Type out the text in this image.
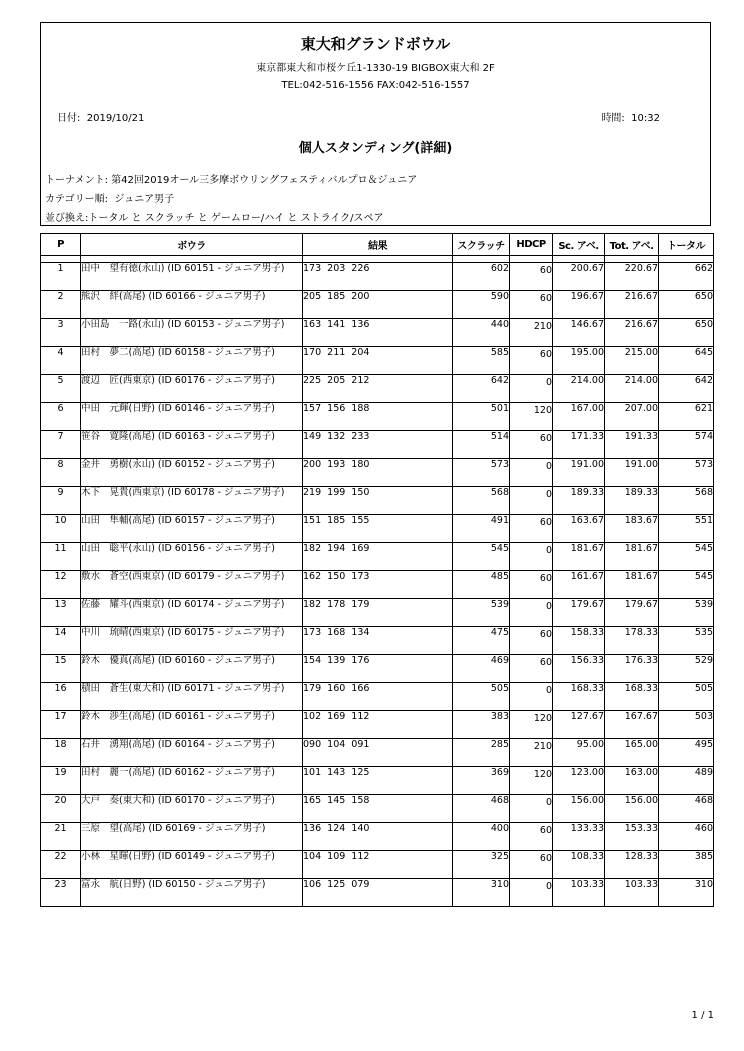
東大和グランドボウル
東京都東大和市桜ケ丘1-1330-19 BIGBOX東大和 2F
TEL:042-516-1556 FAX:042-516-1557
日付: 2019/10/21	時間: 10:32
個人スタンディング(詳細)
トーナメント: 第42回2019オール三多摩ボウリングフェスティバルプロ＆ジュニア
カテゴリー順: ジュニア男子
並び換え:トータル と スクラッチ と ゲームロー/ハイ と ストライク/スペア
P	ボウラ	結果	スクラッチ	HDCP	Sc. アベ.	Tot. アベ.	トータル

1	田中　望有徳(永山) (ID 60151 - ジュニア男子)	173 203 226	602	60	200.67	220.67	662
2	熊沢　絆(高尾) (ID 60166 - ジュニア男子)	205 185 200	590	60	196.67	216.67	650
3	小田島　一路(永山) (ID 60153 - ジュニア男子)	163 141 136	440	210	146.67	216.67	650
4	田村　夢二(高尾) (ID 60158 - ジュニア男子)	170 211 204	585	60	195.00	215.00	645
5	渡辺　匠(西東京) (ID 60176 - ジュニア男子)	225 205 212	642	0	214.00	214.00	642
6	中田　元輝(日野) (ID 60146 - ジュニア男子)	157 156 188	501	120	167.00	207.00	621
7	笹谷　寛隆(高尾) (ID 60163 - ジュニア男子)	149 132 233	514	60	171.33	191.33	574
8	金井　勇樹(永山) (ID 60152 - ジュニア男子)	200 193 180	573	0	191.00	191.00	573
9	木下　晃貴(西東京) (ID 60178 - ジュニア男子)	219 199 150	568	0	189.33	189.33	568
10	山田　隼輔(高尾) (ID 60157 - ジュニア男子)	151 185 155	491	60	163.67	183.67	551
11	山田　聡平(永山) (ID 60156 - ジュニア男子)	182 194 169	545	0	181.67	181.67	545
12	敷水　蒼空(西東京) (ID 60179 - ジュニア男子)	162 150 173	485	60	161.67	181.67	545
13	佐藤　耀斗(西東京) (ID 60174 - ジュニア男子)	182 178 179	539	0	179.67	179.67	539
14	中川　琉晴(西東京) (ID 60175 - ジュニア男子)	173 168 134	475	60	158.33	178.33	535
15	鈴木　優真(高尾) (ID 60160 - ジュニア男子)	154 139 176	469	60	156.33	176.33	529
16	積田　蒼生(東大和) (ID 60171 - ジュニア男子)	179 160 166	505	0	168.33	168.33	505
17	鈴木　渉生(高尾) (ID 60161 - ジュニア男子)	102 169 112	383	120	127.67	167.67	503
18	石井　湧翔(高尾) (ID 60164 - ジュニア男子)	090 104 091	285	210	95.00	165.00	495
19	田村　麗一(高尾) (ID 60162 - ジュニア男子)	101 143 125	369	120	123.00	163.00	489
20	大戸　奏(東大和) (ID 60170 - ジュニア男子)	165 145 158	468	0	156.00	156.00	468
21	三原　望(高尾) (ID 60169 - ジュニア男子)	136 124 140	400	60	133.33	153.33	460
22	小林　星暉(日野) (ID 60149 - ジュニア男子)	104 109 112	325	60	108.33	128.33	385
23	富永　航(日野) (ID 60150 - ジュニア男子)	106 125 079	310	0	103.33	103.33	310
1 / 1
